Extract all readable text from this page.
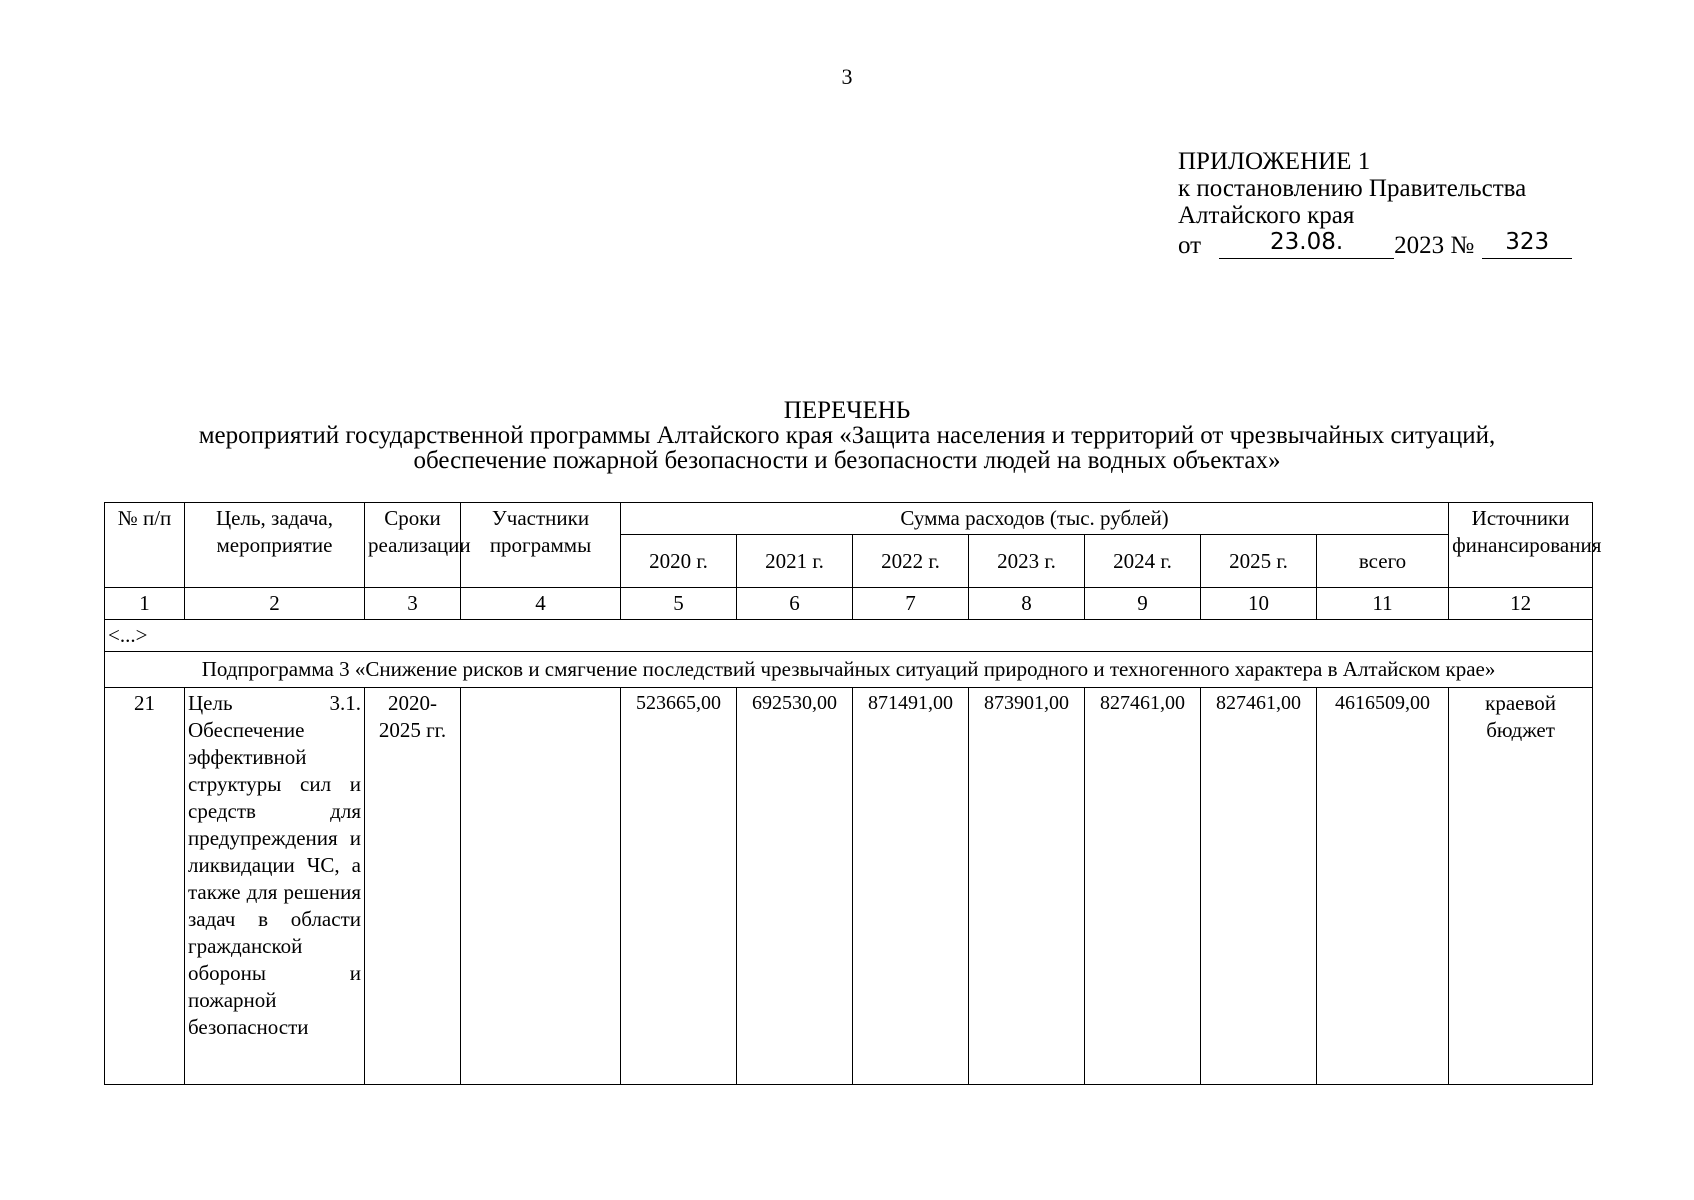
3
ПРИЛОЖЕНИЕ 1
к постановлению Правительства
Алтайского края
от	23.08.	2023 №	323
ПЕРЕЧЕНЬ
мероприятий государственной программы Алтайского края «Защита населения и территорий от чрезвычайных ситуаций,
обеспечение пожарной безопасности и безопасности людей на водных объектах»
№ п/п	Цель, задача, мероприятие	Сроки реализации	Участники программы	Сумма расходов (тыс. рублей)							Источники финансирования
				2020 г.	2021 г.	2022 г.	2023 г.	2024 г.	2025 г.	всего	
1	2	3	4	5	6	7	8	9	10	11	12
<...>											
Подпрограмма 3 «Снижение рисков и смягчение последствий чрезвычайных ситуаций природного и техногенного характера в Алтайском крае»											
21	Цель 3.1. Обеспечение эффективной структуры сил и средств для предупреждения и ликвидации ЧС, а также для решения задач в области гражданской обороны и пожарной безопасности	2020-2025 гг.		523665,00	692530,00	871491,00	873901,00	827461,00	827461,00	4616509,00	краевой бюджет
